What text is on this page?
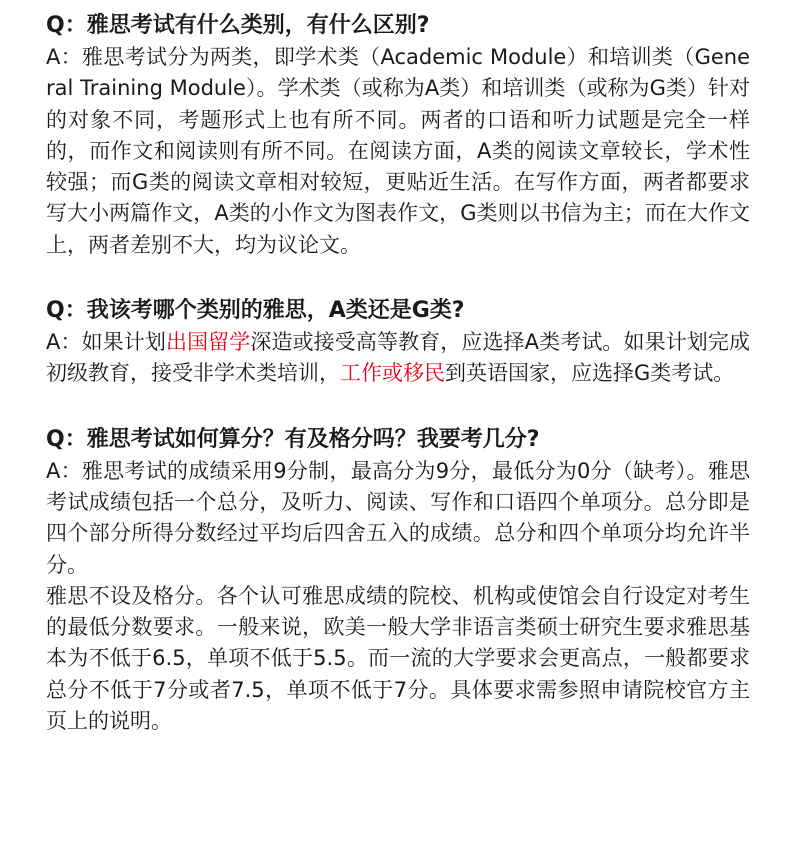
Q：雅思考试有什么类别，有什么区别?

A：雅思考试分为两类，即学术类（Academic Module）和培训类（General Training Module）。学术类（或称为A类）和培训类（或称为G类）针对的对象不同，考题形式上也有所不同。两者的口语和听力试题是完全一样的，而作文和阅读则有所不同。在阅读方面，A类的阅读文章较长，学术性较强；而G类的阅读文章相对较短，更贴近生活。在写作方面，两者都要求写大小两篇作文，A类的小作文为图表作文，G类则以书信为主；而在大作文上，两者差别不大，均为议论文。

Q：我该考哪个类别的雅思，A类还是G类?

A：如果计划出国留学深造或接受高等教育，应选择A类考试。如果计划完成初级教育，接受非学术类培训，工作或移民到英语国家，应选择G类考试。

Q：雅思考试如何算分？有及格分吗？我要考几分?

A：雅思考试的成绩采用9分制，最高分为9分，最低分为0分（缺考）。雅思考试成绩包括一个总分，及听力、阅读、写作和口语四个单项分。总分即是四个部分所得分数经过平均后四舍五入的成绩。总分和四个单项分均允许半分。

雅思不设及格分。各个认可雅思成绩的院校、机构或使馆会自行设定对考生的最低分数要求。一般来说，欧美一般大学非语言类硕士研究生要求雅思基本为不低于6.5，单项不低于5.5。而一流的大学要求会更高点，一般都要求总分不低于7分或者7.5，单项不低于7分。具体要求需参照申请院校官方主页上的说明。
